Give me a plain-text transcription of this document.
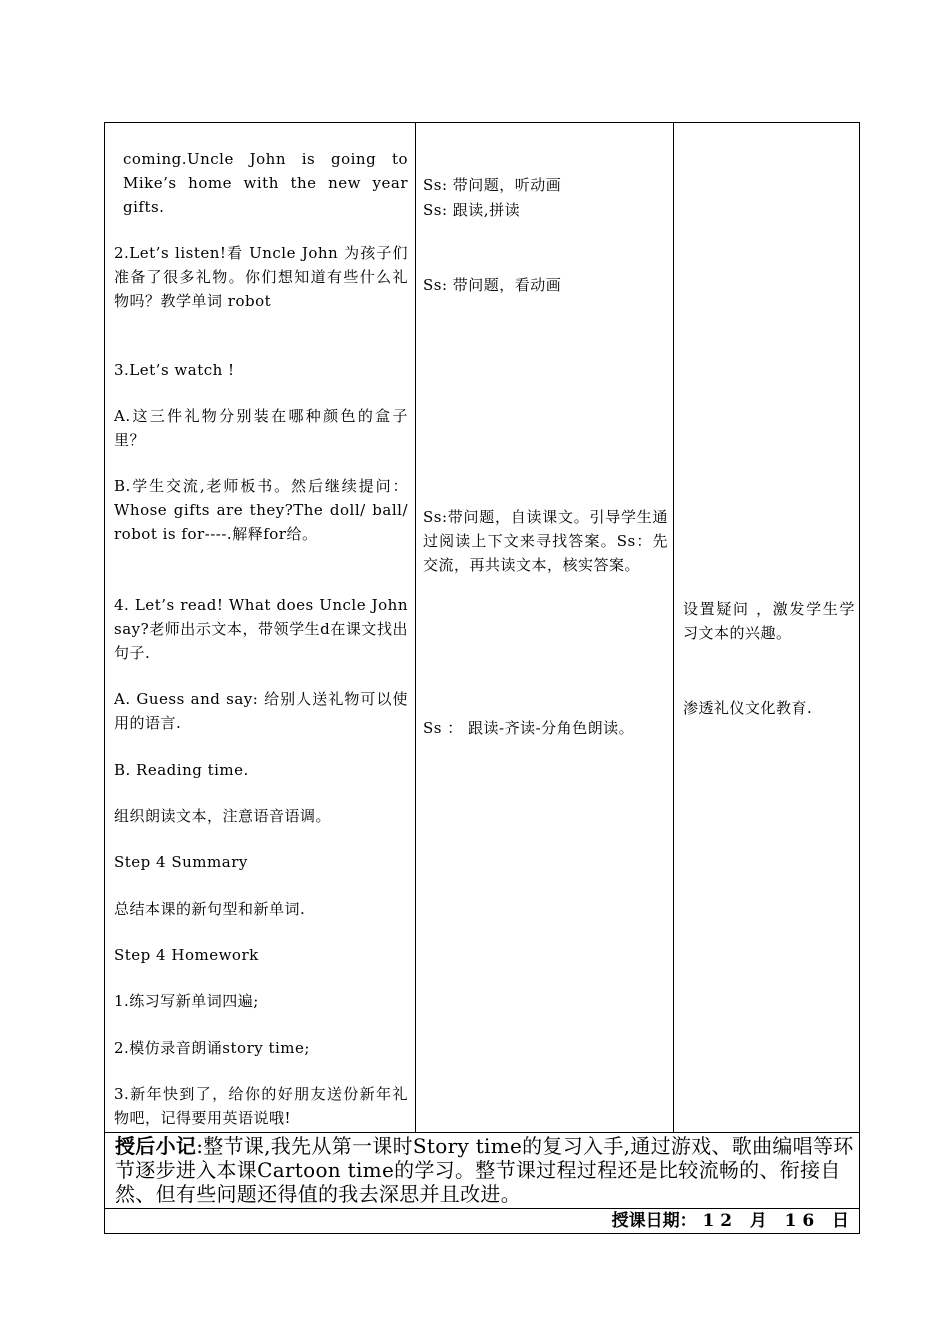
coming.Uncle John is going to Mike’s home with the new year gifts.

2.Let’s listen!看 Uncle John 为孩子们准备了很多礼物。你们想知道有些什么礼物吗？教学单词 robot

3.Let’s watch !

A.这三件礼物分别装在哪种颜色的盒子里？

B.学生交流,老师板书。然后继续提问： Whose gifts are they?The doll/ ball/ robot is for----.解释for给。

4. Let’s read! What does Uncle John say?老师出示文本，带领学生d在课文找出句子.

A. Guess and say: 给别人送礼物可以使用的语言.

B. Reading time.

组织朗读文本，注意语音语调。

Step 4 Summary

总结本课的新句型和新单词.

Step 4 Homework

1.练习写新单词四遍;

2.模仿录音朗诵story time;

3.新年快到了，给你的好朋友送份新年礼物吧，记得要用英语说哦!

Ss: 带问题，听动画

Ss: 跟读,拼读

Ss: 带问题，看动画

Ss:带问题，自读课文。引导学生通过阅读上下文来寻找答案。Ss：先交流，再共读文本，核实答案。

Ss ： 跟读-齐读-分角色朗读。

设置疑问 ，激发学生学习文本的兴趣。

渗透礼仪文化教育.

授后小记:整节课,我先从第一课时Story time的复习入手,通过游戏、歌曲编唱等环节逐步进入本课Cartoon time的学习。整节课过程过程还是比较流畅的、衔接自然、但有些问题还得值的我去深思并且改进。
授课日期： 1 2 月 1 6 日
